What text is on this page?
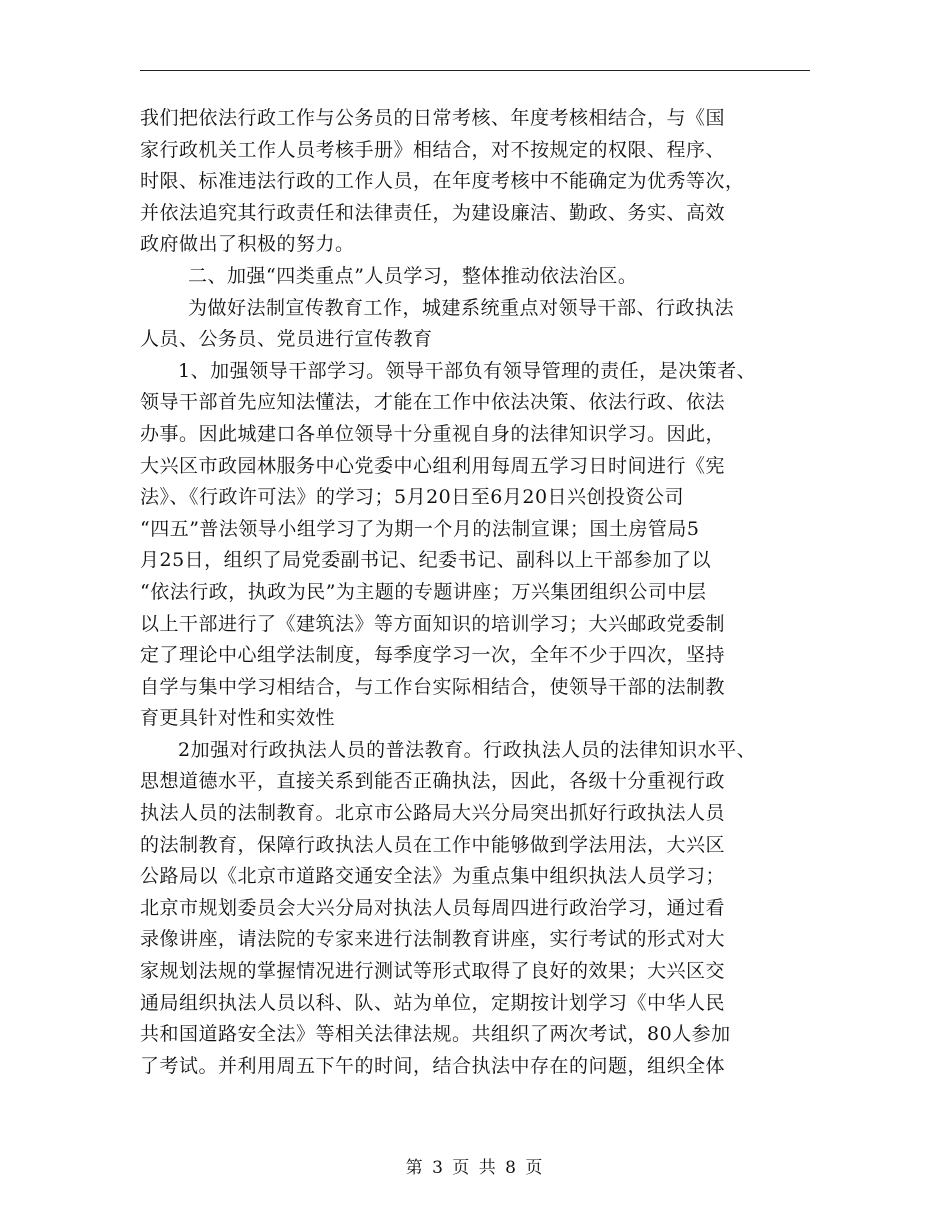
我们把依法行政工作与公务员的日常考核、年度考核相结合，与《国
家行政机关工作人员考核手册》相结合，对不按规定的权限、程序、
时限、标准违法行政的工作人员，在年度考核中不能确定为优秀等次，
并依法追究其行政责任和法律责任，为建设廉洁、勤政、务实、高效
政府做出了积极的努力。
二、加强“四类重点”人员学习，整体推动依法治区。
为做好法制宣传教育工作，城建系统重点对领导干部、行政执法
人员、公务员、党员进行宣传教育
1、加强领导干部学习。领导干部负有领导管理的责任，是决策者、
领导干部首先应知法懂法，才能在工作中依法决策、依法行政、依法
办事。因此城建口各单位领导十分重视自身的法律知识学习。因此，
大兴区市政园林服务中心党委中心组利用每周五学习日时间进行《宪
法》、《行政许可法》的学习；5月20日至6月20日兴创投资公司
“四五”普法领导小组学习了为期一个月的法制宣课；国土房管局5
月25日，组织了局党委副书记、纪委书记、副科以上干部参加了以
“依法行政，执政为民”为主题的专题讲座；万兴集团组织公司中层
以上干部进行了《建筑法》等方面知识的培训学习；大兴邮政党委制
定了理论中心组学法制度，每季度学习一次，全年不少于四次，坚持
自学与集中学习相结合，与工作台实际相结合，使领导干部的法制教
育更具针对性和实效性
2加强对行政执法人员的普法教育。行政执法人员的法律知识水平、
思想道德水平，直接关系到能否正确执法，因此，各级十分重视行政
执法人员的法制教育。北京市公路局大兴分局突出抓好行政执法人员
的法制教育，保障行政执法人员在工作中能够做到学法用法，大兴区
公路局以《北京市道路交通安全法》为重点集中组织执法人员学习；
北京市规划委员会大兴分局对执法人员每周四进行政治学习，通过看
录像讲座，请法院的专家来进行法制教育讲座，实行考试的形式对大
家规划法规的掌握情况进行测试等形式取得了良好的效果；大兴区交
通局组织执法人员以科、队、站为单位，定期按计划学习《中华人民
共和国道路安全法》等相关法律法规。共组织了两次考试，80人参加
了考试。并利用周五下午的时间，结合执法中存在的问题，组织全体
第 3 页 共 8 页
